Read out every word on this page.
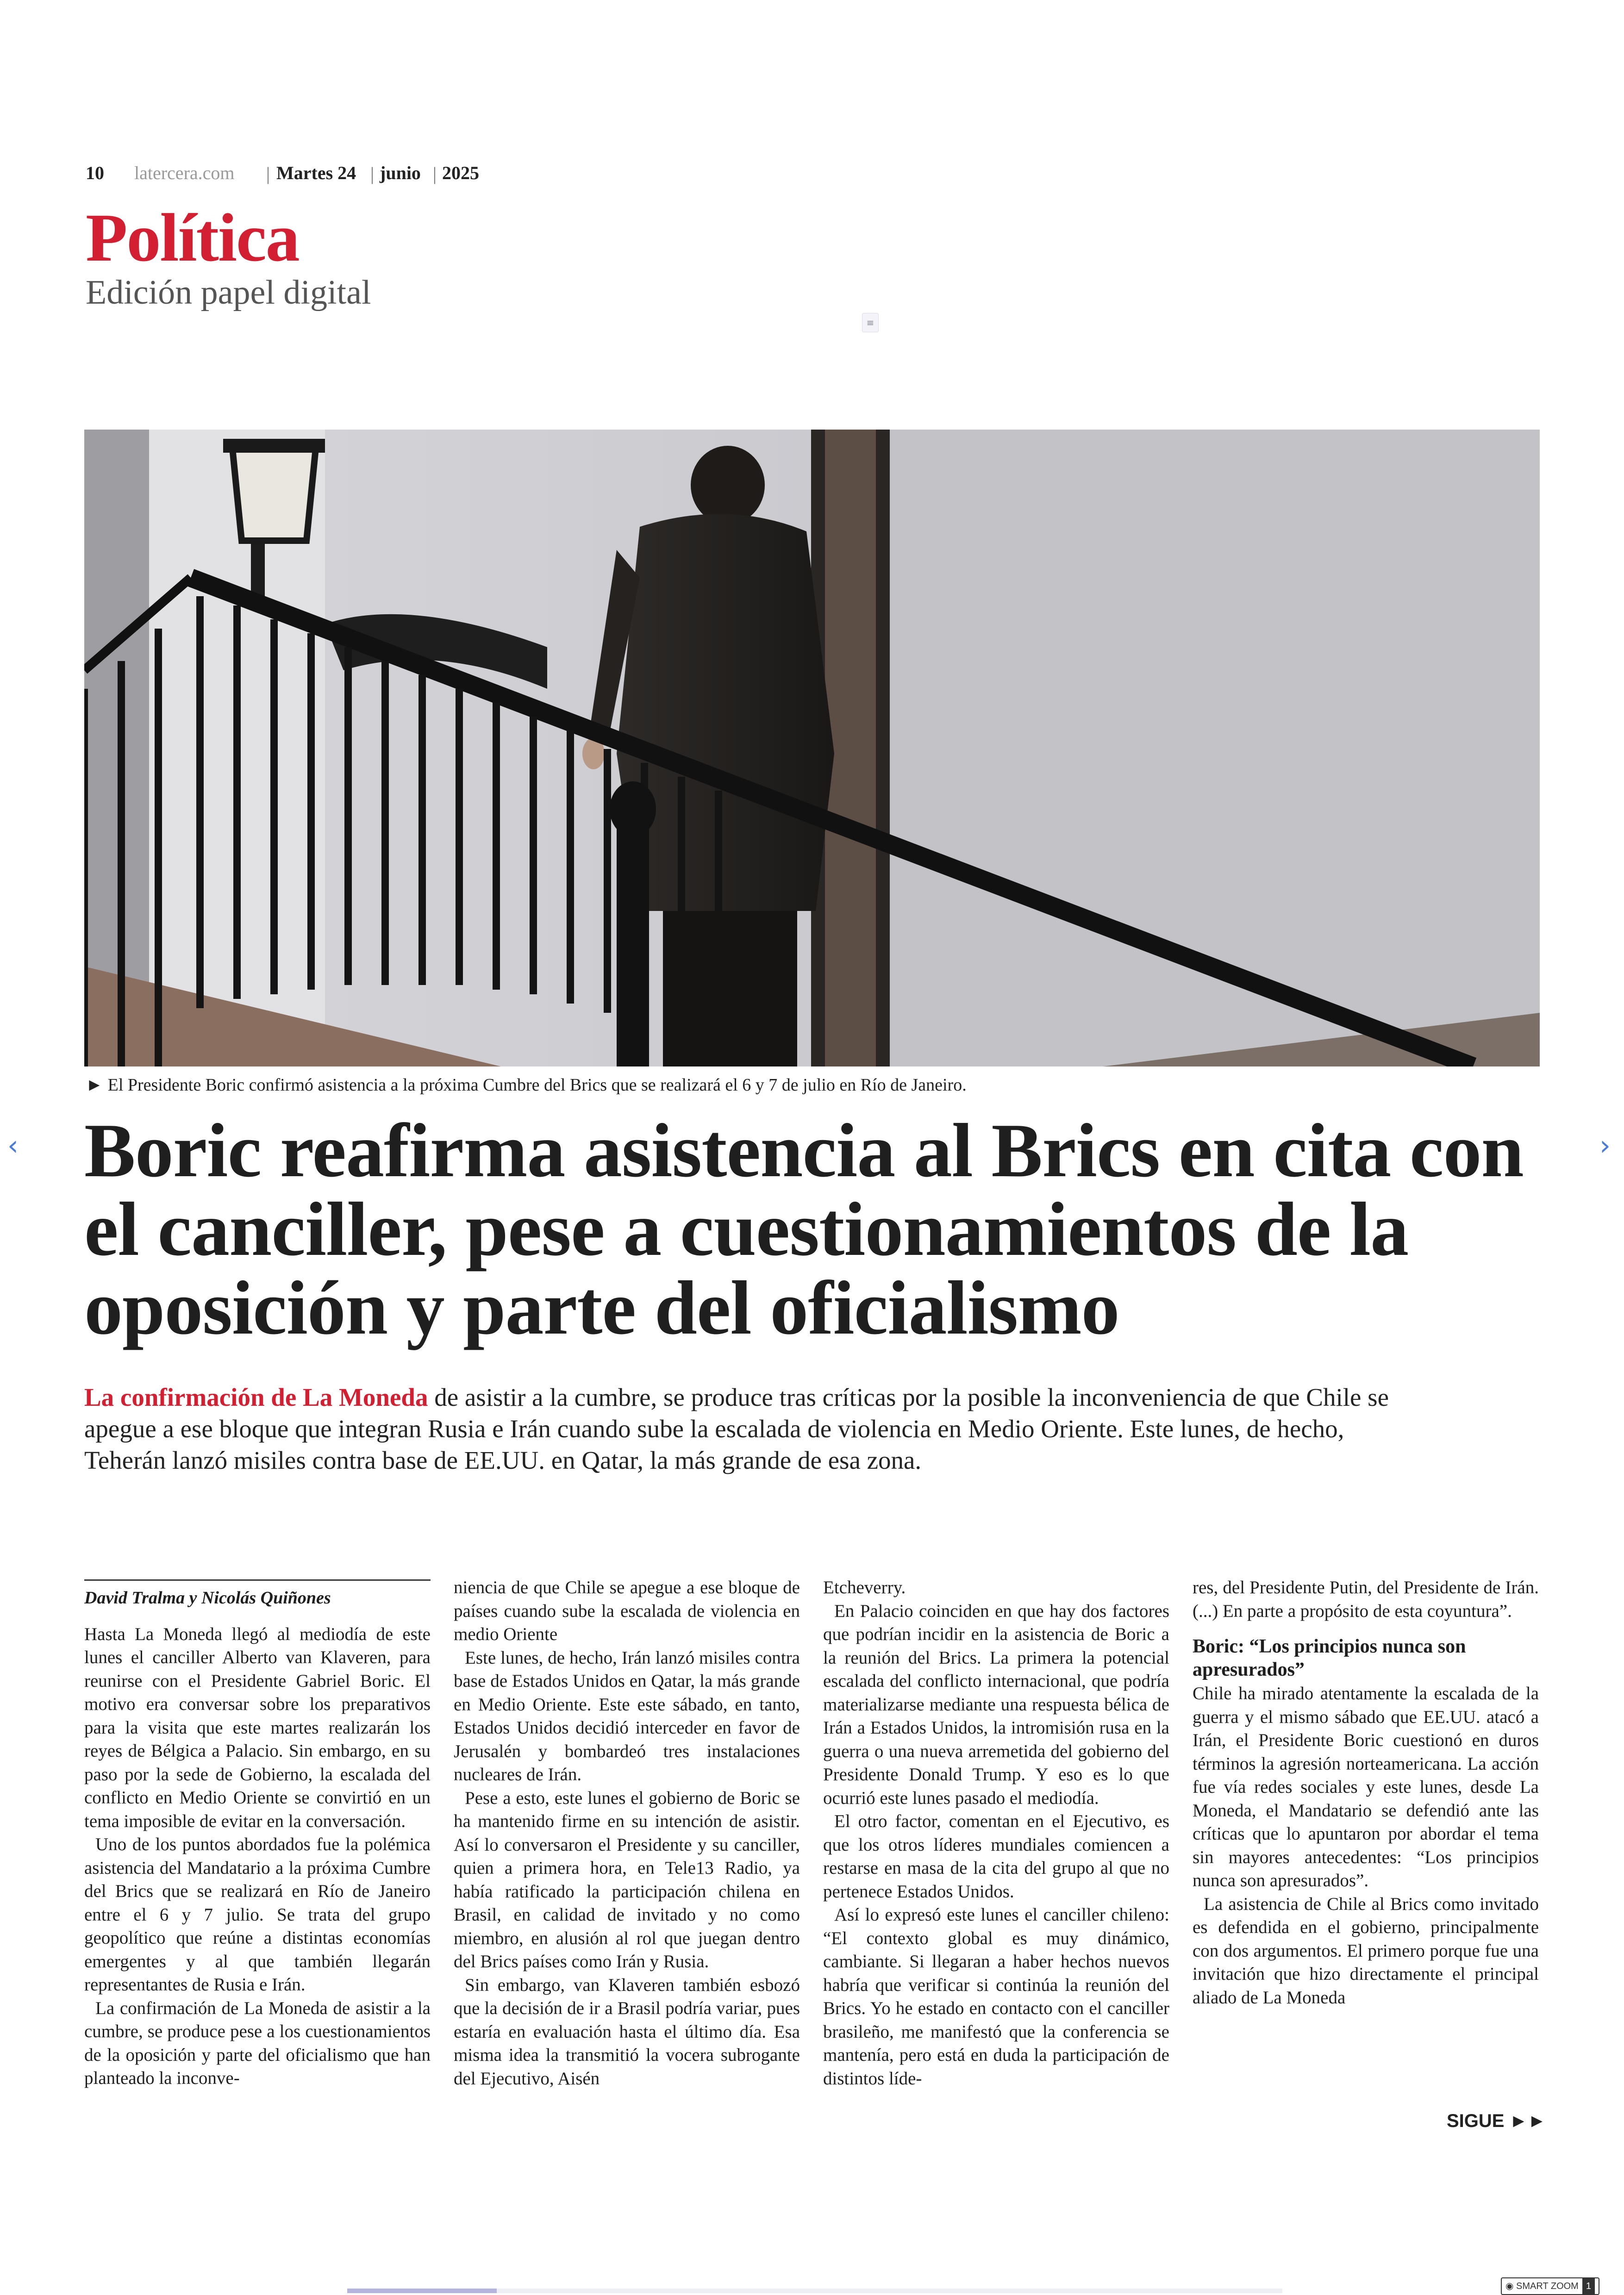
10 latercera.com | Martes 24 | junio | 2025
Política
Edición papel digital
≡
► El Presidente Boric confirmó asistencia a la próxima Cumbre del Brics que se realizará el 6 y 7 de julio en Río de Janeiro.
‹	›
Boric reafirma asistencia al Brics en cita con el canciller, pese a cuestionamientos de la oposición y parte del oficialismo
La confirmación de La Moneda de asistir a la cumbre, se produce tras críticas por la posible la inconveniencia de que Chile se apegue a ese bloque que integran Rusia e Irán cuando sube la escalada de violencia en Medio Oriente. Este lunes, de hecho, Teherán lanzó misiles contra base de EE.UU. en Qatar, la más grande de esa zona.
David Tralma y Nicolás Quiñones

Hasta La Moneda llegó al mediodía de este lunes el canciller Alberto van Klaveren, para reunirse con el Presidente Gabriel Boric. El motivo era conversar sobre los preparativos para la visita que este martes realizarán los reyes de Bélgica a Palacio. Sin embargo, en su paso por la sede de Gobierno, la escalada del conflicto en Medio Oriente se convirtió en un tema imposible de evitar en la conversación.

Uno de los puntos abordados fue la polémica asistencia del Mandatario a la próxima Cumbre del Brics que se realizará en Río de Janeiro entre el 6 y 7 julio. Se trata del grupo geopolítico que reúne a distintas economías emergentes y al que también llegarán representantes de Rusia e Irán.

La confirmación de La Moneda de asistir a la cumbre, se produce pese a los cuestionamientos de la oposición y parte del oficialismo que han planteado la inconve-

niencia de que Chile se apegue a ese bloque de países cuando sube la escalada de violencia en medio Oriente

Este lunes, de hecho, Irán lanzó misiles contra base de Estados Unidos en Qatar, la más grande en Medio Oriente. Este este sábado, en tanto, Estados Unidos decidió interceder en favor de Jerusalén y bombardeó tres instalaciones nucleares de Irán.

Pese a esto, este lunes el gobierno de Boric se ha mantenido firme en su intención de asistir. Así lo conversaron el Presidente y su canciller, quien a primera hora, en Tele13 Radio, ya había ratificado la participación chilena en Brasil, en calidad de invitado y no como miembro, en alusión al rol que juegan dentro del Brics países como Irán y Rusia.

Sin embargo, van Klaveren también esbozó que la decisión de ir a Brasil podría variar, pues estaría en evaluación hasta el último día. Esa misma idea la transmitió la vocera subrogante del Ejecutivo, Aisén

Etcheverry.

En Palacio coinciden en que hay dos factores que podrían incidir en la asistencia de Boric a la reunión del Brics. La primera la potencial escalada del conflicto internacional, que podría materializarse mediante una respuesta bélica de Irán a Estados Unidos, la intromisión rusa en la guerra o una nueva arremetida del gobierno del Presidente Donald Trump. Y eso es lo que ocurrió este lunes pasado el mediodía.

El otro factor, comentan en el Ejecutivo, es que los otros líderes mundiales comiencen a restarse en masa de la cita del grupo al que no pertenece Estados Unidos.

Así lo expresó este lunes el canciller chileno: “El contexto global es muy dinámico, cambiante. Si llegaran a haber hechos nuevos habría que verificar si continúa la reunión del Brics. Yo he estado en contacto con el canciller brasileño, me manifestó que la conferencia se mantenía, pero está en duda la participación de distintos líde-

res, del Presidente Putin, del Presidente de Irán. (...) En parte a propósito de esta coyuntura”.

Boric: “Los principios nunca son apresurados”

Chile ha mirado atentamente la escalada de la guerra y el mismo sábado que EE.UU. atacó a Irán, el Presidente Boric cuestionó en duros términos la agresión norteamericana. La acción fue vía redes sociales y este lunes, desde La Moneda, el Mandatario se defendió ante las críticas que lo apuntaron por abordar el tema sin mayores antecedentes: “Los principios nunca son apresurados”.

La asistencia de Chile al Brics como invitado es defendida en el gobierno, principalmente con dos argumentos. El primero porque fue una invitación que hizo directamente el principal aliado de La Moneda

SIGUE ►►
◉ SMART ZOOM 1
